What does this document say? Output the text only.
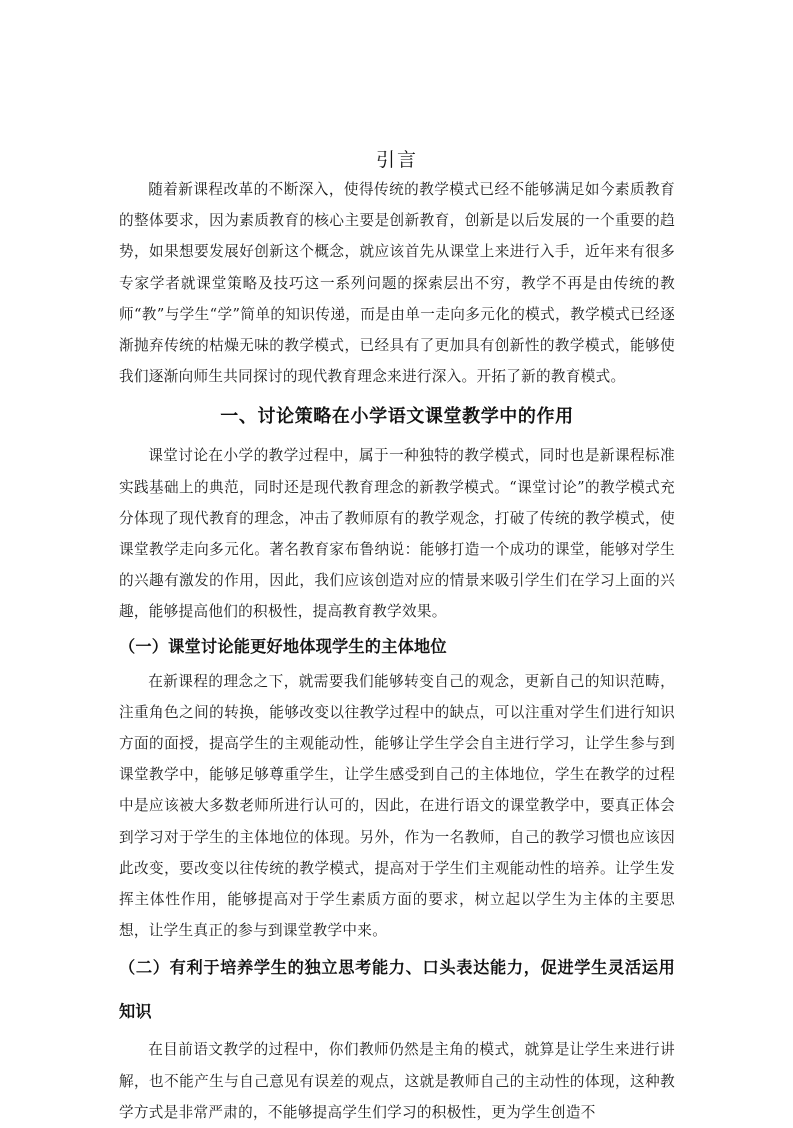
引言

随着新课程改革的不断深入，使得传统的教学模式已经不能够满足如今素质教育的整体要求，因为素质教育的核心主要是创新教育，创新是以后发展的一个重要的趋势，如果想要发展好创新这个概念，就应该首先从课堂上来进行入手，近年来有很多专家学者就课堂策略及技巧这一系列问题的探索层出不穷，教学不再是由传统的教师“教”与学生“学”简单的知识传递，而是由单一走向多元化的模式，教学模式已经逐渐抛弃传统的枯燥无味的教学模式，已经具有了更加具有创新性的教学模式，能够使我们逐渐向师生共同探讨的现代教育理念来进行深入。开拓了新的教育模式。

一、讨论策略在小学语文课堂教学中的作用

课堂讨论在小学的教学过程中，属于一种独特的教学模式，同时也是新课程标准实践基础上的典范，同时还是现代教育理念的新教学模式。“课堂讨论”的教学模式充分体现了现代教育的理念，冲击了教师原有的教学观念，打破了传统的教学模式，使课堂教学走向多元化。著名教育家布鲁纳说：能够打造一个成功的课堂，能够对学生的兴趣有激发的作用，因此，我们应该创造对应的情景来吸引学生们在学习上面的兴趣，能够提高他们的积极性，提高教育教学效果。

（一）课堂讨论能更好地体现学生的主体地位

在新课程的理念之下，就需要我们能够转变自己的观念，更新自己的知识范畴，注重角色之间的转换，能够改变以往教学过程中的缺点，可以注重对学生们进行知识方面的面授，提高学生的主观能动性，能够让学生学会自主进行学习，让学生参与到课堂教学中，能够足够尊重学生，让学生感受到自己的主体地位，学生在教学的过程中是应该被大多数老师所进行认可的，因此，在进行语文的课堂教学中，要真正体会到学习对于学生的主体地位的体现。另外，作为一名教师，自己的教学习惯也应该因此改变，要改变以往传统的教学模式，提高对于学生们主观能动性的培养。让学生发挥主体性作用，能够提高对于学生素质方面的要求，树立起以学生为主体的主要思想，让学生真正的参与到课堂教学中来。

（二）有利于培养学生的独立思考能力、口头表达能力，促进学生灵活运用知识

在目前语文教学的过程中，你们教师仍然是主角的模式，就算是让学生来进行讲解，也不能产生与自己意见有误差的观点，这就是教师自己的主动性的体现，这种教学方式是非常严肃的，不能够提高学生们学习的积极性，更为学生创造不
